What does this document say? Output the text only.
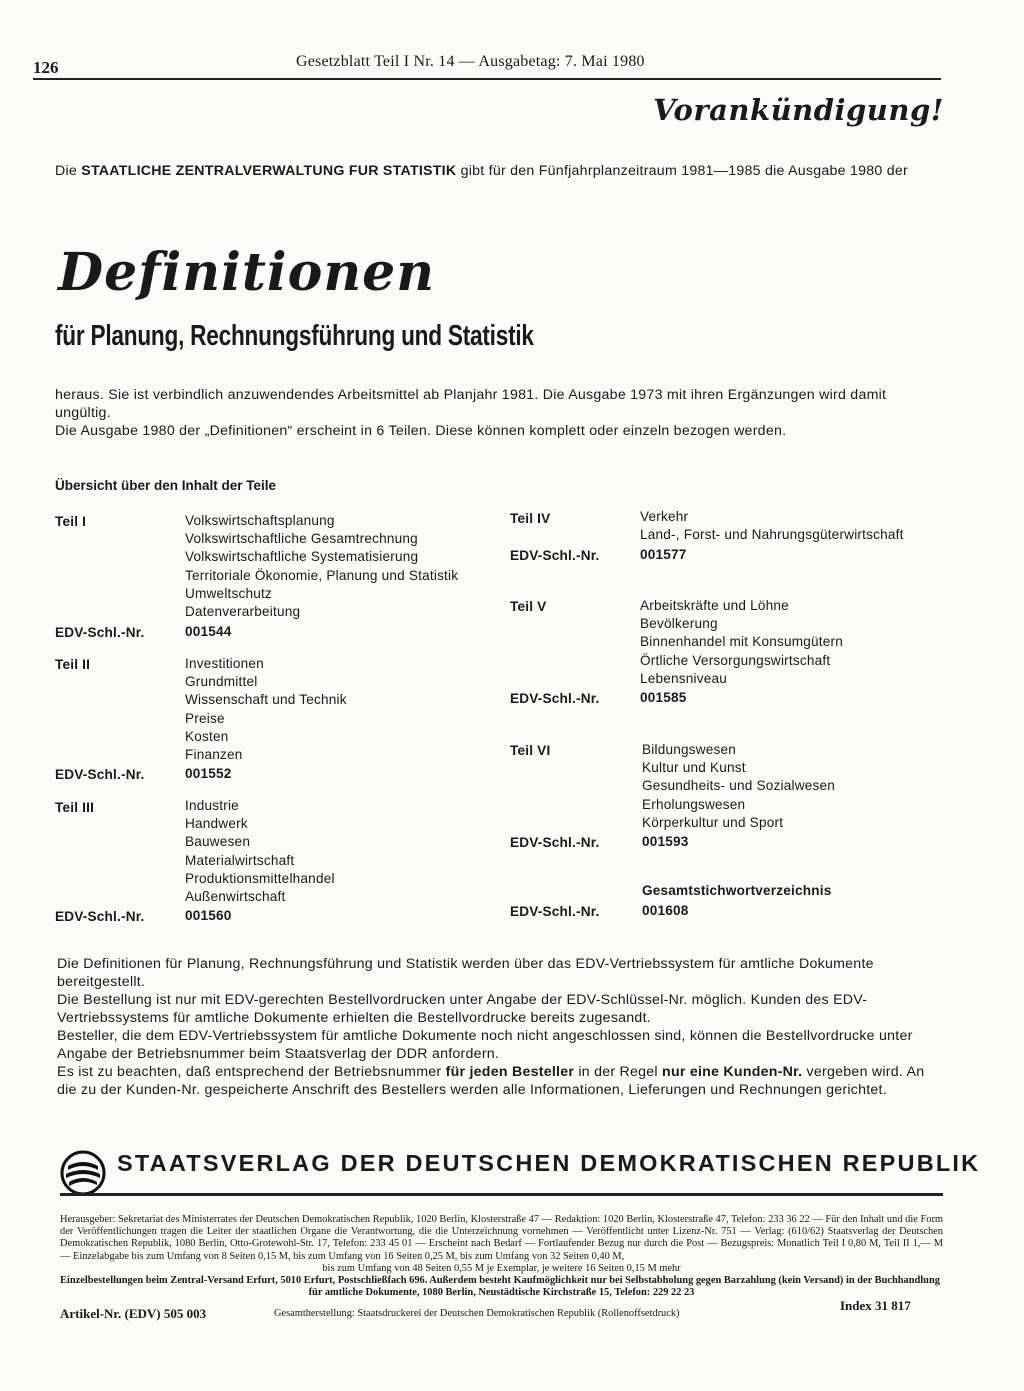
126	Gesetzblatt Teil I Nr. 14 — Ausgabetag: 7. Mai 1980
Vorankündigung!
Die STAATLICHE ZENTRALVERWALTUNG FUR STATISTIK gibt für den Fünfjahrplanzeitraum 1981—1985 die Ausgabe 1980 der
Definitionen
für Planung, Rechnungsführung und Statistik
heraus. Sie ist verbindlich anzuwendendes Arbeitsmittel ab Planjahr 1981. Die Ausgabe 1973 mit ihren Ergänzungen wird damit ungültig.
Die Ausgabe 1980 der „Definitionen“ erscheint in 6 Teilen. Diese können komplett oder einzeln bezogen werden.
Übersicht über den Inhalt der Teile
Teil I	Volkswirtschaftsplanung
Volkswirtschaftliche Gesamtrechnung
Volkswirtschaftliche Systematisierung
Territoriale Ökonomie, Planung und Statistik
Umweltschutz
Datenverarbeitung
EDV-Schl.-Nr.	001544
Teil II	Investitionen
Grundmittel
Wissenschaft und Technik
Preise
Kosten
Finanzen
EDV-Schl.-Nr.	001552
Teil III	Industrie
Handwerk
Bauwesen
Materialwirtschaft
Produktionsmittelhandel
Außenwirtschaft
EDV-Schl.-Nr.	001560
Teil IV	Verkehr
Land-, Forst- und Nahrungsgüterwirtschaft
EDV-Schl.-Nr.	001577
Teil V	Arbeitskräfte und Löhne
Bevölkerung
Binnenhandel mit Konsumgütern
Örtliche Versorgungswirtschaft
Lebensniveau
EDV-Schl.-Nr.	001585
Teil VI	Bildungswesen
Kultur und Kunst
Gesundheits- und Sozialwesen
Erholungswesen
Körperkultur und Sport
EDV-Schl.-Nr.	001593
Gesamtstichwortverzeichnis
EDV-Schl.-Nr.	001608
Die Definitionen für Planung, Rechnungsführung und Statistik werden über das EDV-Vertriebssystem für amtliche Dokumente bereitgestellt.
Die Bestellung ist nur mit EDV-gerechten Bestellvordrucken unter Angabe der EDV-Schlüssel-Nr. möglich. Kunden des EDV-Vertriebssystems für amtliche Dokumente erhielten die Bestellvordrucke bereits zugesandt.
Besteller, die dem EDV-Vertriebssystem für amtliche Dokumente noch nicht angeschlossen sind, können die Bestellvordrucke unter Angabe der Betriebsnummer beim Staatsverlag der DDR anfordern.
Es ist zu beachten, daß entsprechend der Betriebsnummer für jeden Besteller in der Regel nur eine Kunden-Nr. vergeben wird. An die zu der Kunden-Nr. gespeicherte Anschrift des Bestellers werden alle Informationen, Lieferungen und Rechnungen gerichtet.
STAATSVERLAG DER DEUTSCHEN DEMOKRATISCHEN REPUBLIK
Herausgeber: Sekretariat des Ministerrates der Deutschen Demokratischen Republik, 1020 Berlin, Klosterstraße 47 — Redaktion: 1020 Berlin, Klosterstraße 47, Telefon: 233 36 22 — Für den Inhalt und die Form der Veröffentlichungen tragen die Leiter der staatlichen Organe die Verantwortung, die die Unterzeichnung vornehmen — Veröffentlicht unter Lizenz-Nr. 751 — Verlag: (610/62) Staatsverlag der Deutschen Demokratischen Republik, 1080 Berlin, Otto-Grotewohl-Str. 17, Telefon: 233 45 01 — Erscheint nach Bedarf — Fortlaufender Bezug nur durch die Post — Bezugspreis: Monatlich Teil I 0,80 M, Teil II 1,— M — Einzelabgabe bis zum Umfang von 8 Seiten 0,15 M, bis zum Umfang von 16 Seiten 0,25 M, bis zum Umfang von 32 Seiten 0,40 M,
bis zum Umfang von 48 Seiten 0,55 M je Exemplar, je weitere 16 Seiten 0,15 M mehr
Einzelbestellungen beim Zentral-Versand Erfurt, 5010 Erfurt, Postschließfach 696. Außerdem besteht Kaufmöglichkeit nur bei Selbstabholung gegen Barzahlung (kein Versand) in der Buchhandlung
für amtliche Dokumente, 1080 Berlin, Neustädtische Kirchstraße 15, Telefon: 229 22 23
Artikel-Nr. (EDV) 505 003	Gesamtherstellung: Staatsdruckerei der Deutschen Demokratischen Republik (Rollenoffsetdruck)
Index 31 817
